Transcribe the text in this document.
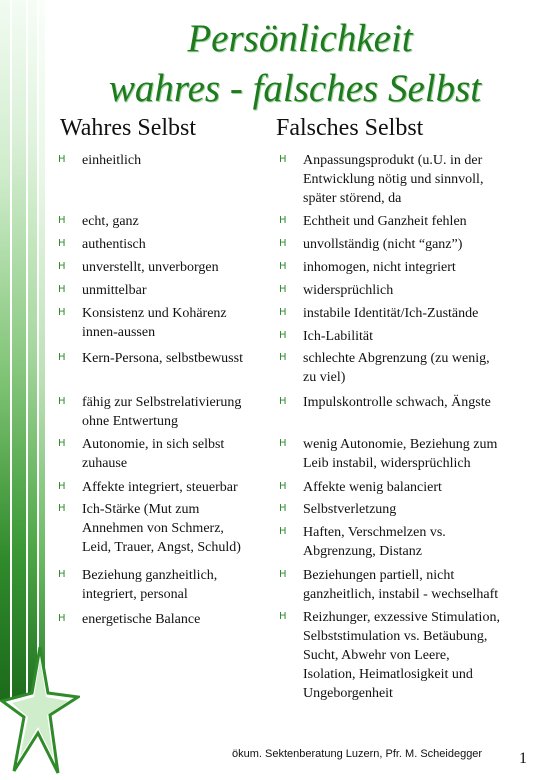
Persönlichkeit
wahres - falsches Selbst
Wahres Selbst	Falsches Selbst
H einheitlich
H echt, ganz
H authentisch
H unverstellt, unverborgen
H unmittelbar
H Konsistenz und Kohärenz
innen-aussen
H Kern-Persona, selbstbewusst
H fähig zur Selbstrelativierung
ohne Entwertung
H Autonomie, in sich selbst
zuhause
H Affekte integriert, steuerbar
H Ich-Stärke (Mut zum
Annehmen von Schmerz,
Leid, Trauer, Angst, Schuld)
H Beziehung ganzheitlich,
integriert, personal
H energetische Balance
H Anpassungsprodukt (u.U. in der
Entwicklung nötig und sinnvoll,
später störend, da
H Echtheit und Ganzheit fehlen
H unvollständig (nicht “ganz”)
H inhomogen, nicht integriert
H widersprüchlich
H instabile Identität/Ich-Zustände
H Ich-Labilität
H schlechte Abgrenzung (zu wenig,
zu viel)
H Impulskontrolle schwach, Ängste
H wenig Autonomie, Beziehung zum
Leib instabil, widersprüchlich
H Affekte wenig balanciert
H Selbstverletzung
H Haften, Verschmelzen vs.
Abgrenzung, Distanz
H Beziehungen partiell, nicht
ganzheitlich, instabil - wechselhaft
H Reizhunger, exzessive Stimulation,
Selbststimulation vs. Betäubung,
Sucht, Abwehr von Leere,
Isolation, Heimatlosigkeit und
Ungeborgenheit
ökum. Sektenberatung Luzern, Pfr. M. Scheidegger 1
